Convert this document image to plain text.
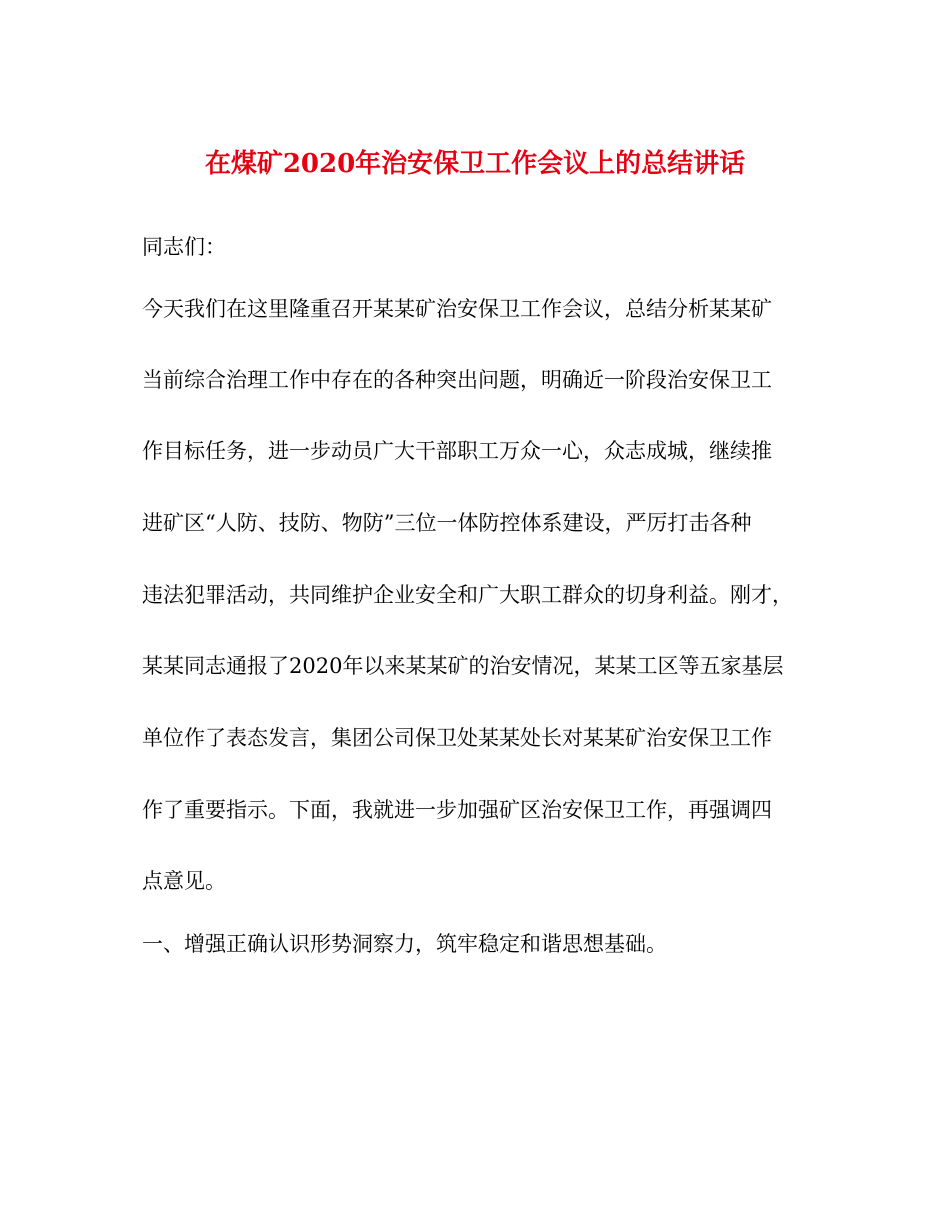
在煤矿2020年治安保卫工作会议上的总结讲话
同志们：
今天我们在这里隆重召开某某矿治安保卫工作会议，总结分析某某矿
当前综合治理工作中存在的各种突出问题，明确近一阶段治安保卫工
作目标任务，进一步动员广大干部职工万众一心，众志成城，继续推
进矿区“人防、技防、物防”三位一体防控体系建设，严厉打击各种
违法犯罪活动，共同维护企业安全和广大职工群众的切身利益。刚才，
某某同志通报了2020年以来某某矿的治安情况，某某工区等五家基层
单位作了表态发言，集团公司保卫处某某处长对某某矿治安保卫工作
作了重要指示。下面，我就进一步加强矿区治安保卫工作，再强调四
点意见。
一、增强正确认识形势洞察力，筑牢稳定和谐思想基础。
